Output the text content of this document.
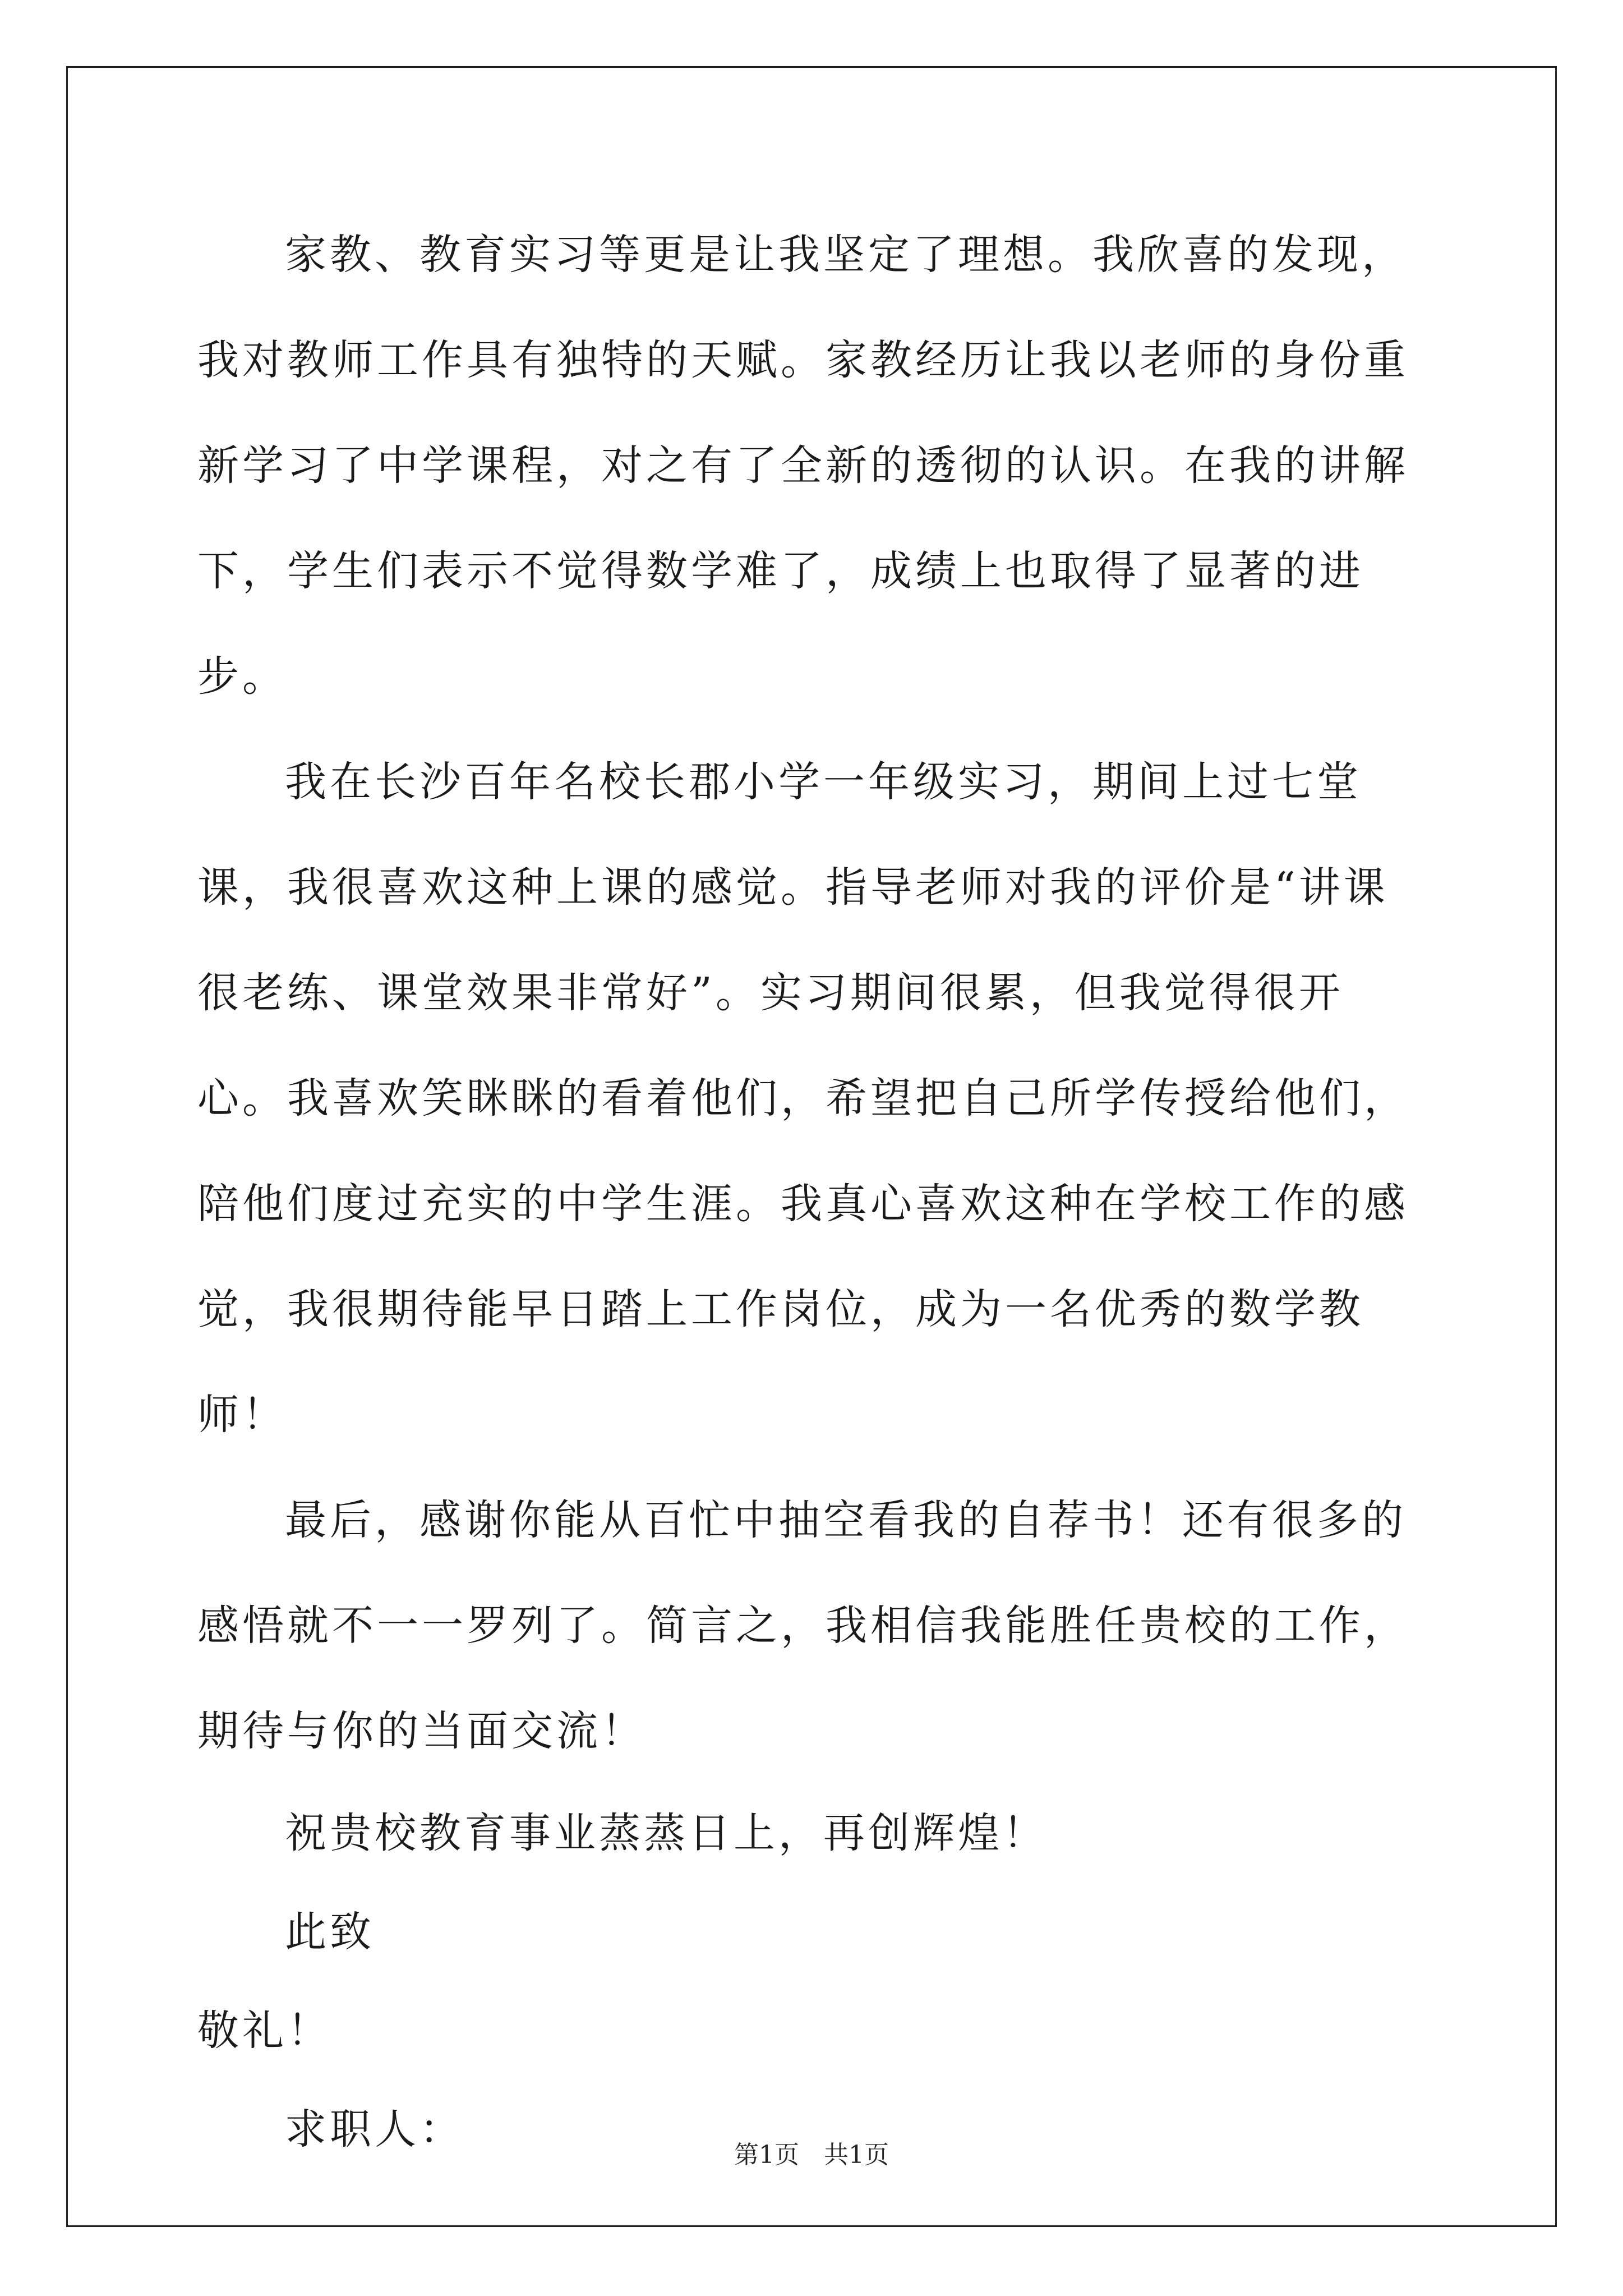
家教、教育实习等更是让我坚定了理想。我欣喜的发现，我对教师工作具有独特的天赋。家教经历让我以老师的身份重新学习了中学课程，对之有了全新的透彻的认识。在我的讲解下，学生们表示不觉得数学难了，成绩上也取得了显著的进步。

我在长沙百年名校长郡小学一年级实习，期间上过七堂课，我很喜欢这种上课的感觉。指导老师对我的评价是“讲课很老练、课堂效果非常好”。实习期间很累，但我觉得很开心。我喜欢笑眯眯的看着他们，希望把自己所学传授给他们，陪他们度过充实的中学生涯。我真心喜欢这种在学校工作的感觉，我很期待能早日踏上工作岗位，成为一名优秀的数学教师！

最后，感谢你能从百忙中抽空看我的自荐书！还有很多的感悟就不一一罗列了。简言之，我相信我能胜任贵校的工作，期待与你的当面交流！

祝贵校教育事业蒸蒸日上，再创辉煌！

此致

敬礼！

求职人：

第1页　共1页
